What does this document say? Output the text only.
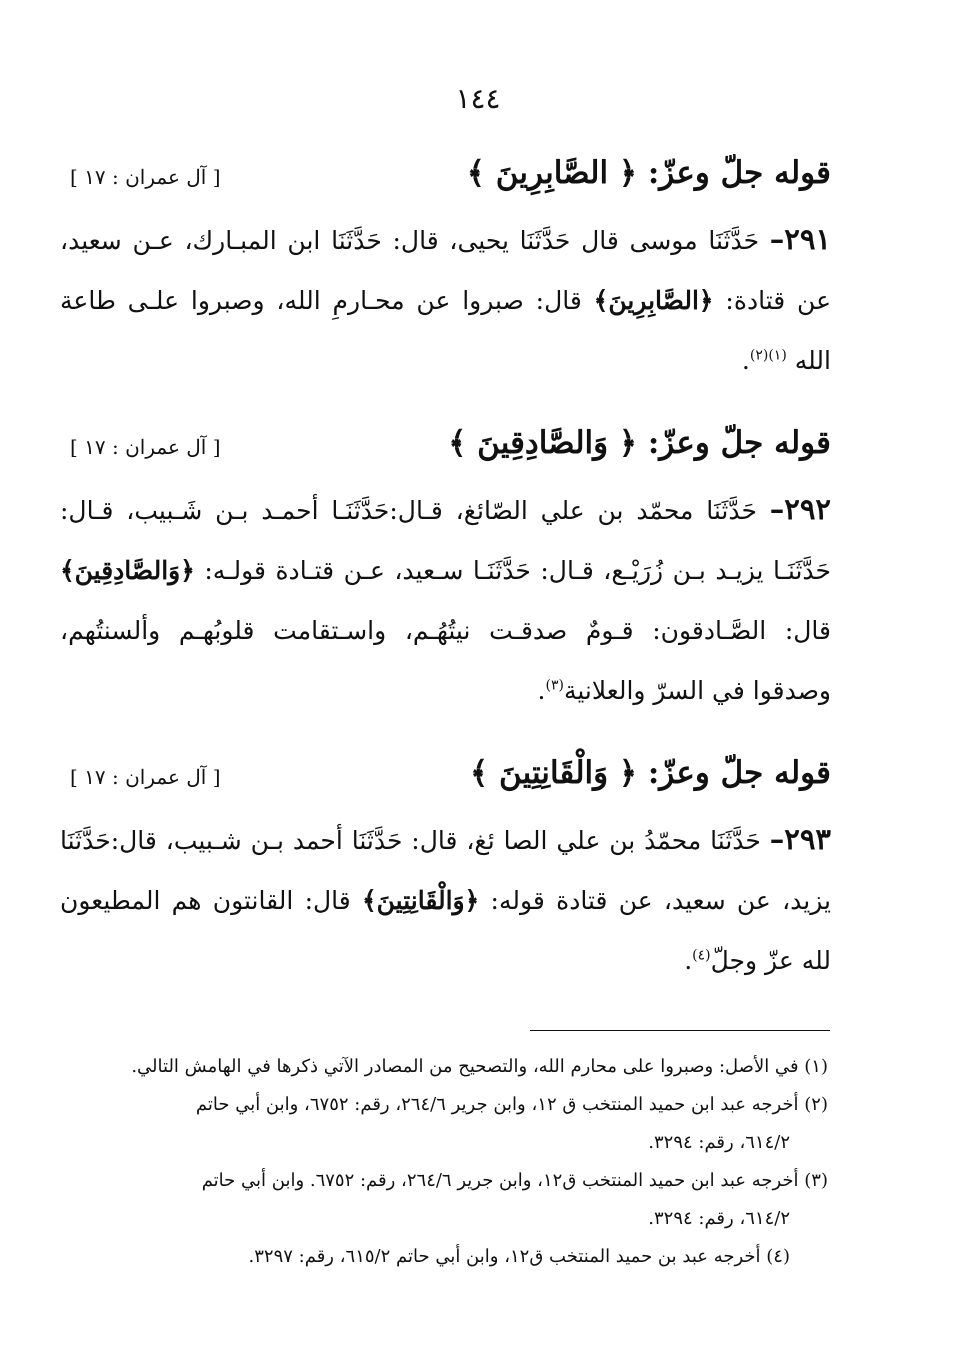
١٤٤
قوله جلّ وعزّ: ﴿ الصَّابِرِينَ ﴾
[ آل عمران : ١٧ ]

٢٩١– حَدَّثَنَا موسى قال حَدَّثَنَا يحيى، قال: حَدَّثَنَا ابن المبـارك، عـن سعيد، عن قتادة: ﴿الصَّابِرِينَ﴾ قال: صبروا عن محـارمِ الله، وصبروا علـى طاعة الله $^{(١)(٢)}$.

قوله جلّ وعزّ: ﴿ وَالصَّادِقِينَ ﴾
[ آل عمران : ١٧ ]

٢٩٢– حَدَّثَنَا محمّد بن علي الصّائغ، قـال:حَدَّثَنَـا أحمـد بـن شَـبيب، قـال: حَدَّثَنَـا يزيـد بـن زُرَيْـع، قـال: حَدَّثَنَـا سـعيد، عـن قتـادة قولـه: ﴿وَالصَّادِقِينَ﴾ قال: الصَّـادقون: قـومٌ صدقـت نيتُهُـم، واسـتقامت قلوبُهـم وألسنتُهم، وصدقوا في السرّ والعلانية$^{(٣)}$.

قوله جلّ وعزّ: ﴿ وَالْقَانِتِينَ ﴾
[ آل عمران : ١٧ ]

٢٩٣– حَدَّثَنَا محمّدُ بن علي الصا ئغ، قال: حَدَّثَنَا أحمد بـن شـبيب، قال:حَدَّثَنَا يزيد، عن سعيد، عن قتادة قوله: ﴿وَالْقَانِتِينَ﴾ قال: القانتون هم المطيعون لله عزّ وجلّ$^{(٤)}$.

(١) في الأصل: وصبروا على محارم الله، والتصحيح من المصادر الآتي ذكرها في الهامش التالي.

(٢) أخرجه عبد ابن حميد المنتخب ق ١٢، وابن جرير ٢٦٤/٦، رقم: ٦٧٥٢، وابن أبي حاتم

٦١٤/٢، رقم: ٣٢٩٤.

(٣) أخرجه عبد ابن حميد المنتخب ق١٢، وابن جرير ٢٦٤/٦، رقم: ٦٧٥٢. وابن أبي حاتم

٦١٤/٢، رقم: ٣٢٩٤.

(٤) أخرجه عبد بن حميد المنتخب ق١٢، وابن أبي حاتم ٦١٥/٢، رقم: ٣٢٩٧.
